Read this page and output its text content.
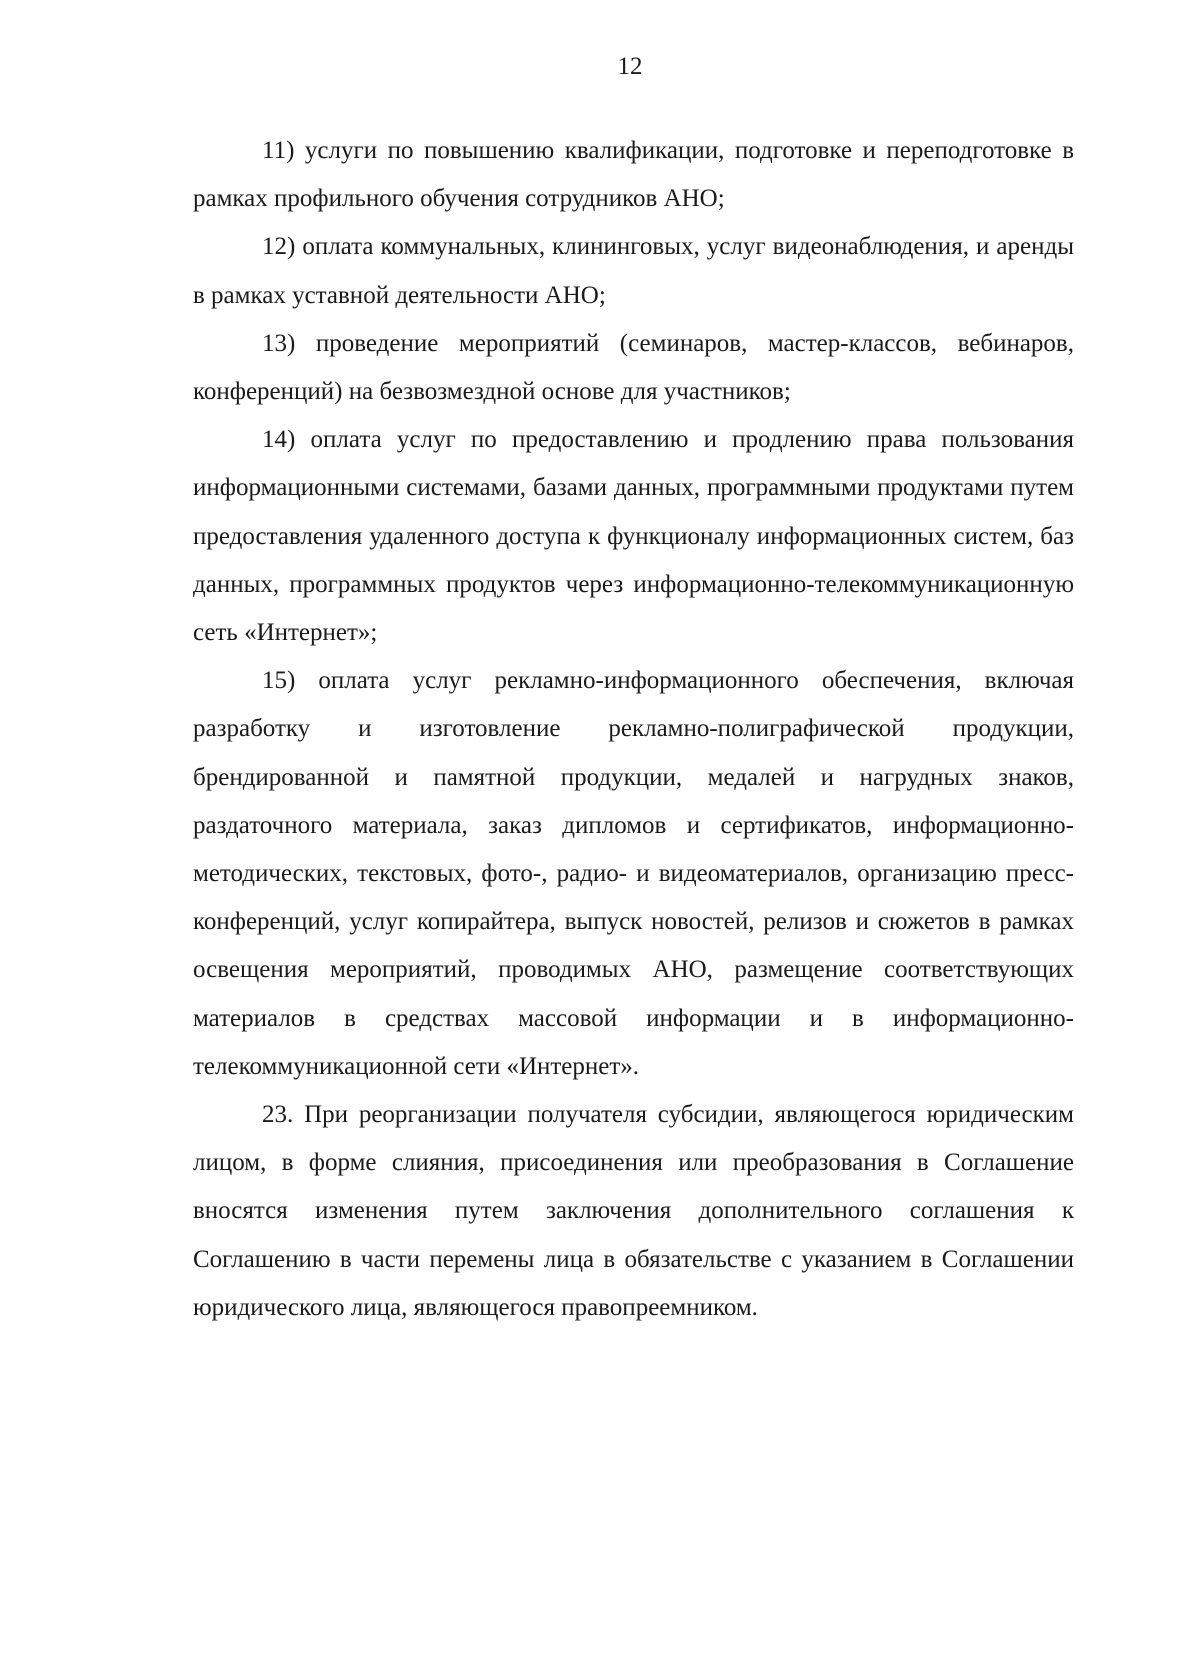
12

11) услуги по повышению квалификации, подготовке и переподготовке в рамках профильного обучения сотрудников АНО;

12) оплата коммунальных, клининговых, услуг видеонаблюдения, и аренды в рамках уставной деятельности АНО;

13) проведение мероприятий (семинаров, мастер-классов, вебинаров, конференций) на безвозмездной основе для участников;

14) оплата услуг по предоставлению и продлению права пользования информационными системами, базами данных, программными продуктами путем предоставления удаленного доступа к функционалу информационных систем, баз данных, программных продуктов через информационно-телекоммуникационную сеть «Интернет»;

15) оплата услуг рекламно-информационного обеспечения, включая разработку и изготовление рекламно-полиграфической продукции, брендированной и памятной продукции, медалей и нагрудных знаков, раздаточного материала, заказ дипломов и сертификатов, информационно-методических, текстовых, фото-, радио- и видеоматериалов, организацию пресс-конференций, услуг копирайтера, выпуск новостей, релизов и сюжетов в рамках освещения мероприятий, проводимых АНО, размещение соответствующих материалов в средствах массовой информации и в информационно-телекоммуникационной сети «Интернет».

23. При реорганизации получателя субсидии, являющегося юридическим лицом, в форме слияния, присоединения или преобразования в Соглашение вносятся изменения путем заключения дополнительного соглашения к Соглашению в части перемены лица в обязательстве с указанием в Соглашении юридического лица, являющегося правопреемником.
